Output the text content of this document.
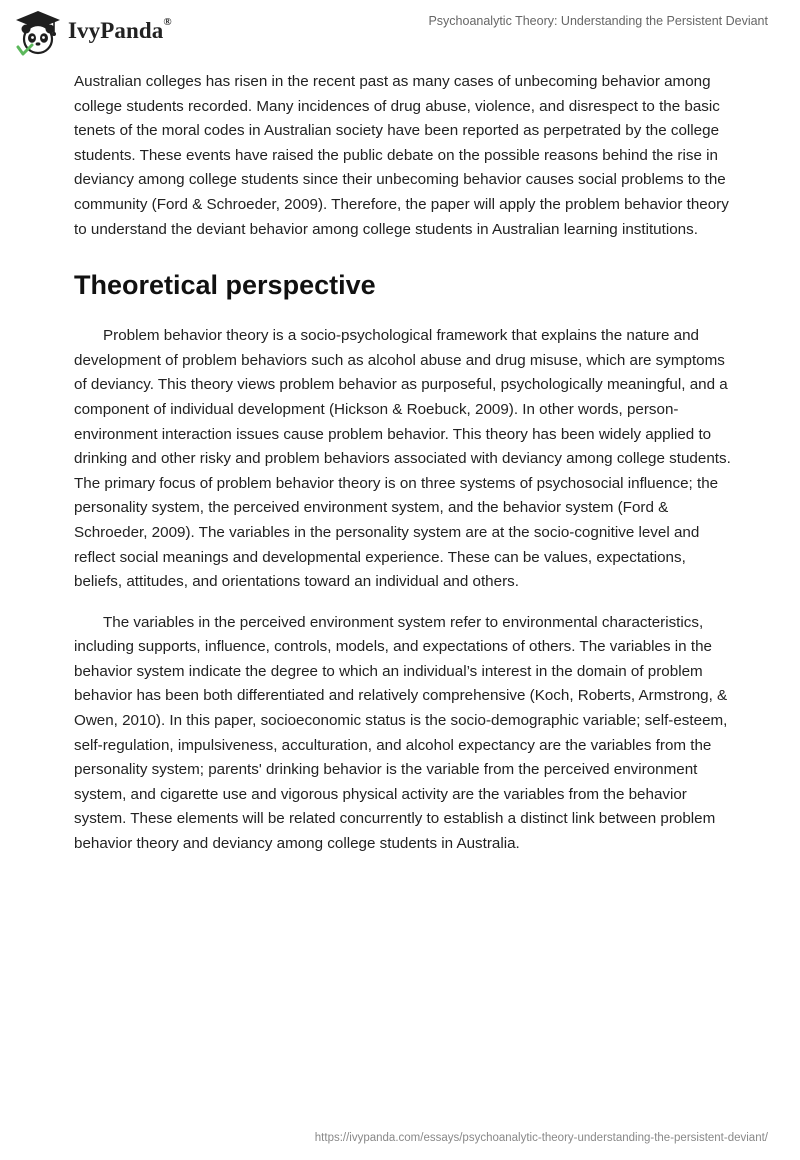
IvyPanda®	Psychoanalytic Theory: Understanding the Persistent Deviant

Australian colleges has risen in the recent past as many cases of unbecoming behavior among college students recorded. Many incidences of drug abuse, violence, and disrespect to the basic tenets of the moral codes in Australian society have been reported as perpetrated by the college students. These events have raised the public debate on the possible reasons behind the rise in deviancy among college students since their unbecoming behavior causes social problems to the community (Ford & Schroeder, 2009). Therefore, the paper will apply the problem behavior theory to understand the deviant behavior among college students in Australian learning institutions.

Theoretical perspective

Problem behavior theory is a socio-psychological framework that explains the nature and development of problem behaviors such as alcohol abuse and drug misuse, which are symptoms of deviancy. This theory views problem behavior as purposeful, psychologically meaningful, and a component of individual development (Hickson & Roebuck, 2009). In other words, person-environment interaction issues cause problem behavior. This theory has been widely applied to drinking and other risky and problem behaviors associated with deviancy among college students. The primary focus of problem behavior theory is on three systems of psychosocial influence; the personality system, the perceived environment system, and the behavior system (Ford & Schroeder, 2009). The variables in the personality system are at the socio-cognitive level and reflect social meanings and developmental experience. These can be values, expectations, beliefs, attitudes, and orientations toward an individual and others.

The variables in the perceived environment system refer to environmental characteristics, including supports, influence, controls, models, and expectations of others. The variables in the behavior system indicate the degree to which an individual’s interest in the domain of problem behavior has been both differentiated and relatively comprehensive (Koch, Roberts, Armstrong, & Owen, 2010). In this paper, socioeconomic status is the socio-demographic variable; self-esteem, self-regulation, impulsiveness, acculturation, and alcohol expectancy are the variables from the personality system; parents' drinking behavior is the variable from the perceived environment system, and cigarette use and vigorous physical activity are the variables from the behavior system. These elements will be related concurrently to establish a distinct link between problem behavior theory and deviancy among college students in Australia.

https://ivypanda.com/essays/psychoanalytic-theory-understanding-the-persistent-deviant/
